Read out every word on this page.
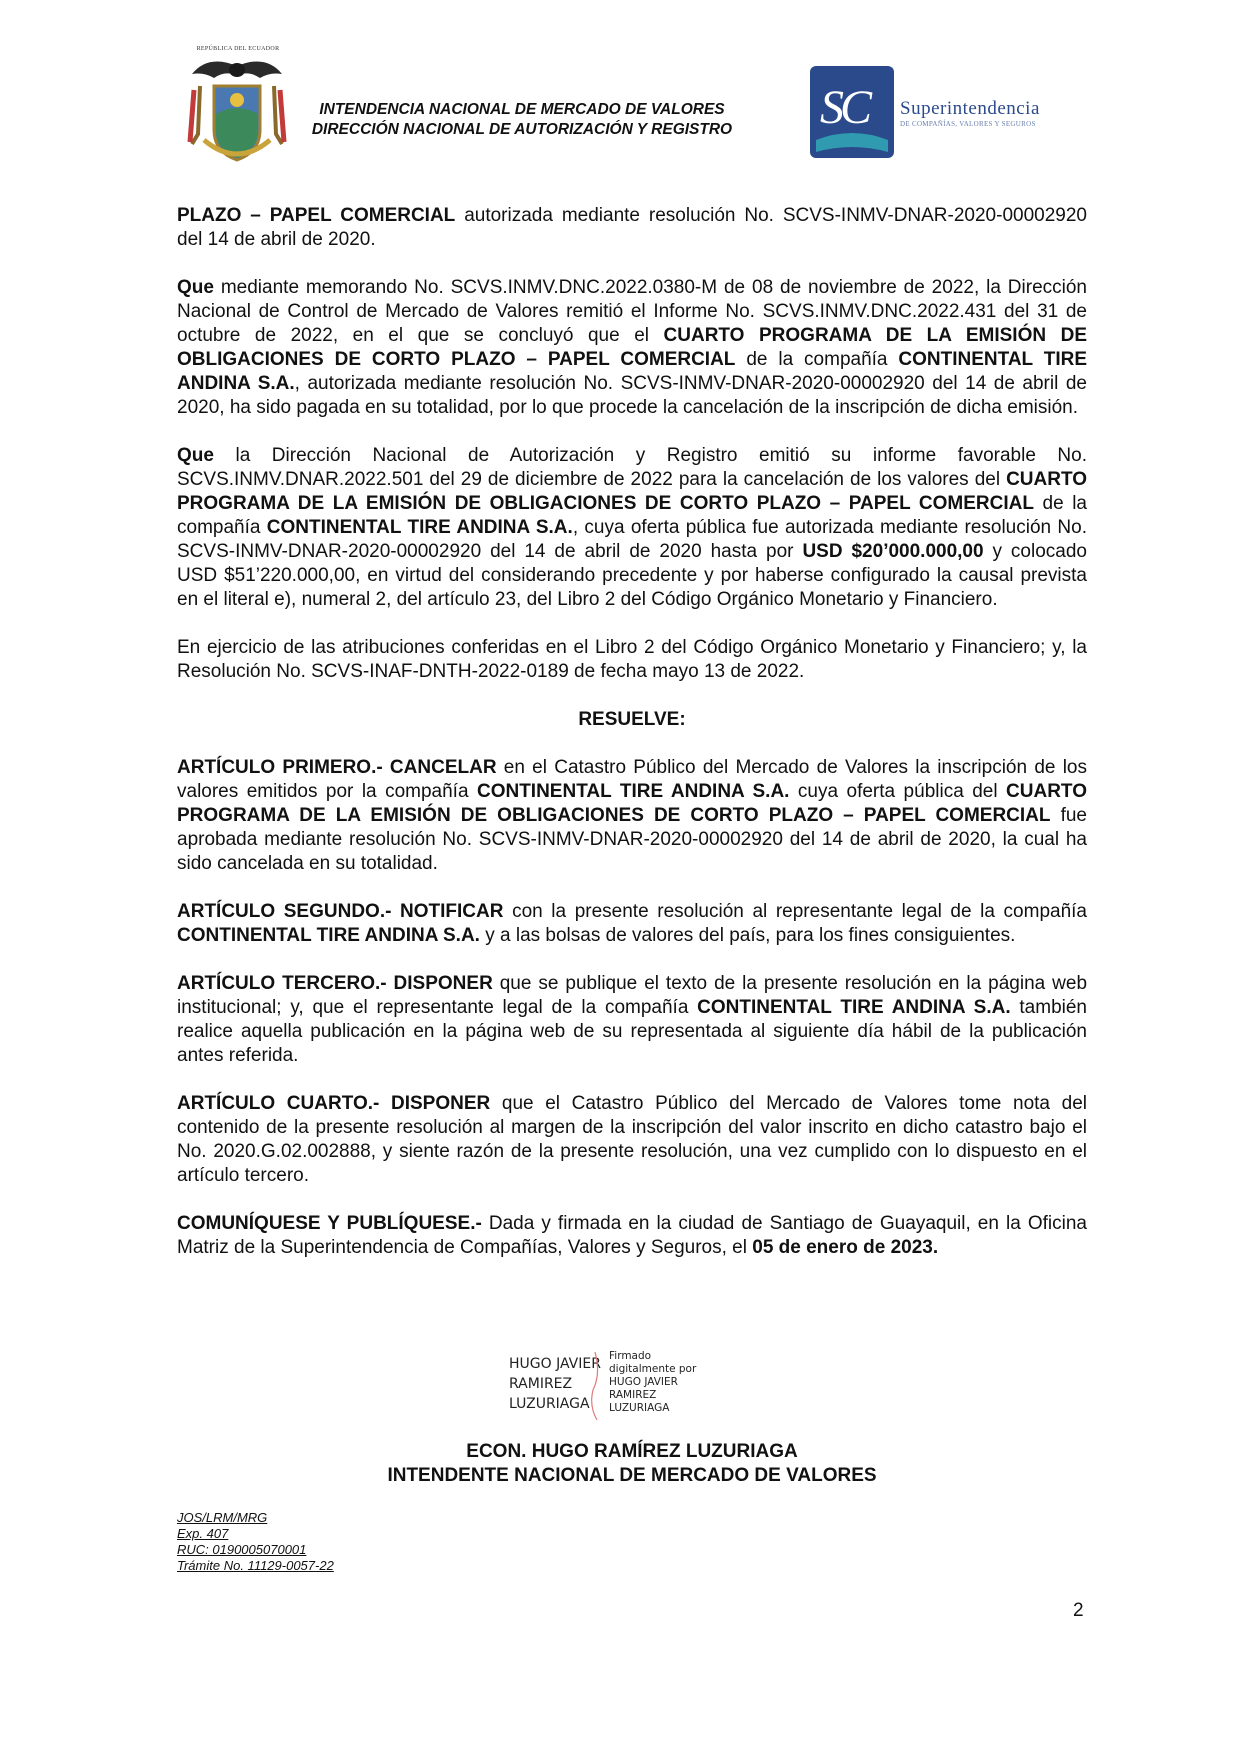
REPÚBLICA DEL ECUADOR
INTENDENCIA NACIONAL DE MERCADO DE VALORES
DIRECCIÓN NACIONAL DE AUTORIZACIÓN Y REGISTRO	SC Superintendencia
DE COMPAÑÍAS, VALORES Y SEGUROS

PLAZO – PAPEL COMERCIAL autorizada mediante resolución No. SCVS-INMV-DNAR-2020-00002920 del 14 de abril de 2020.

Que mediante memorando No. SCVS.INMV.DNC.2022.0380-M de 08 de noviembre de 2022, la Dirección Nacional de Control de Mercado de Valores remitió el Informe No. SCVS.INMV.DNC.2022.431 del 31 de octubre de 2022, en el que se concluyó que el CUARTO PROGRAMA DE LA EMISIÓN DE OBLIGACIONES DE CORTO PLAZO – PAPEL COMERCIAL de la compañía CONTINENTAL TIRE ANDINA S.A., autorizada mediante resolución No. SCVS-INMV-DNAR-2020-00002920 del 14 de abril de 2020, ha sido pagada en su totalidad, por lo que procede la cancelación de la inscripción de dicha emisión.

Que la Dirección Nacional de Autorización y Registro emitió su informe favorable No. SCVS.INMV.DNAR.2022.501 del 29 de diciembre de 2022 para la cancelación de los valores del CUARTO PROGRAMA DE LA EMISIÓN DE OBLIGACIONES DE CORTO PLAZO – PAPEL COMERCIAL de la compañía CONTINENTAL TIRE ANDINA S.A., cuya oferta pública fue autorizada mediante resolución No. SCVS-INMV-DNAR-2020-00002920 del 14 de abril de 2020 hasta por USD $20’000.000,00 y colocado USD $51’220.000,00, en virtud del considerando precedente y por haberse configurado la causal prevista en el literal e), numeral 2, del artículo 23, del Libro 2 del Código Orgánico Monetario y Financiero.

En ejercicio de las atribuciones conferidas en el Libro 2 del Código Orgánico Monetario y Financiero; y, la Resolución No. SCVS-INAF-DNTH-2022-0189 de fecha mayo 13 de 2022.

RESUELVE:

ARTÍCULO PRIMERO.- CANCELAR en el Catastro Público del Mercado de Valores la inscripción de los valores emitidos por la compañía CONTINENTAL TIRE ANDINA S.A. cuya oferta pública del CUARTO PROGRAMA DE LA EMISIÓN DE OBLIGACIONES DE CORTO PLAZO – PAPEL COMERCIAL fue aprobada mediante resolución No. SCVS-INMV-DNAR-2020-00002920 del 14 de abril de 2020, la cual ha sido cancelada en su totalidad.

ARTÍCULO SEGUNDO.- NOTIFICAR con la presente resolución al representante legal de la compañía CONTINENTAL TIRE ANDINA S.A. y a las bolsas de valores del país, para los fines consiguientes.

ARTÍCULO TERCERO.- DISPONER que se publique el texto de la presente resolución en la página web institucional; y, que el representante legal de la compañía CONTINENTAL TIRE ANDINA S.A. también realice aquella publicación en la página web de su representada al siguiente día hábil de la publicación antes referida.

ARTÍCULO CUARTO.- DISPONER que el Catastro Público del Mercado de Valores tome nota del contenido de la presente resolución al margen de la inscripción del valor inscrito en dicho catastro bajo el No. 2020.G.02.002888, y siente razón de la presente resolución, una vez cumplido con lo dispuesto en el artículo tercero.

COMUNÍQUESE Y PUBLÍQUESE.- Dada y firmada en la ciudad de Santiago de Guayaquil, en la Oficina Matriz de la Superintendencia de Compañías, Valores y Seguros, el 05 de enero de 2023.

HUGO JAVIER
RAMIREZ
LUZURIAGA
Firmado
digitalmente por
HUGO JAVIER
RAMIREZ
LUZURIAGA
ECON. HUGO RAMÍREZ LUZURIAGA
INTENDENTE NACIONAL DE MERCADO DE VALORES
JOS/LRM/MRG
Exp. 407
RUC: 0190005070001
Trámite No. 11129-0057-22
2
